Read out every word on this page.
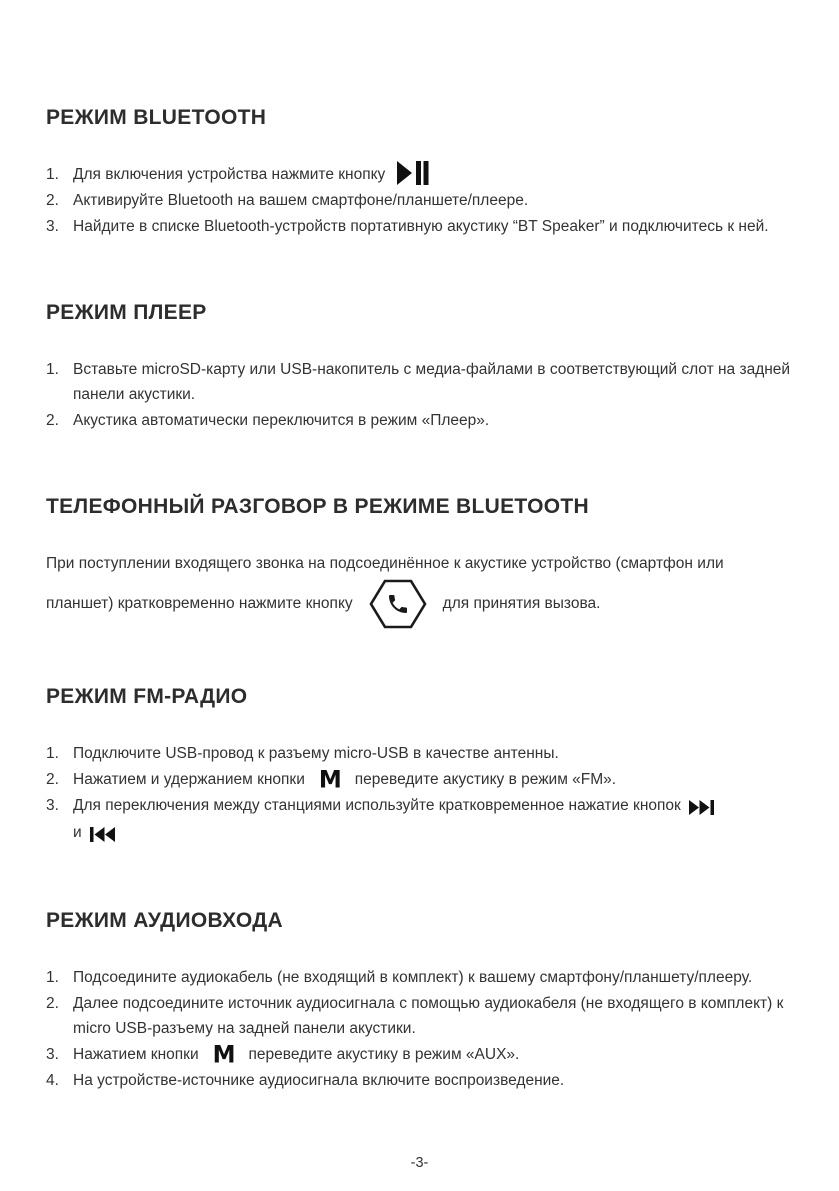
РЕЖИМ BLUETOOTH
1. Для включения устройства нажмите кнопку
2. Активируйте Bluetooth на вашем смартфоне/планшете/плеере.
3. Найдите в списке Bluetooth-устройств портативную акустику “BT Speaker” и подключитесь к ней.
РЕЖИМ ПЛЕЕР
1. Вставьте microSD-карту или USB-накопитель с медиа-файлами в соответствующий слот на задней панели акустики.
2. Акустика автоматически переключится в режим «Плеер».
ТЕЛЕФОННЫЙ РАЗГОВОР В РЕЖИМЕ BLUETOOTH

При поступлении входящего звонка на подсоединённое к акустике устройство (смартфон или планшет) кратковременно нажмите кнопку	для принятия вызова.

РЕЖИМ FM-РАДИО
1. Подключите USB-провод к разъему micro-USB в качестве антенны.
2. Нажатием и удержанием кнопки M переведите акустику в режим «FM».
3. Для переключения между станциями используйте кратковременное нажатие кнопок
и
РЕЖИМ АУДИОВХОДА
1. Подсоедините аудиокабель (не входящий в комплект) к вашему смартфону/планшету/плееру.
2. Далее подсоедините источник аудиосигнала с помощью аудиокабеля (не входящего в комплект) к micro USB-разъему на задней панели акустики.
3. Нажатием кнопки M переведите акустику в режим «AUX».
4. На устройстве-источнике аудиосигнала включите воспроизведение.
-3-
